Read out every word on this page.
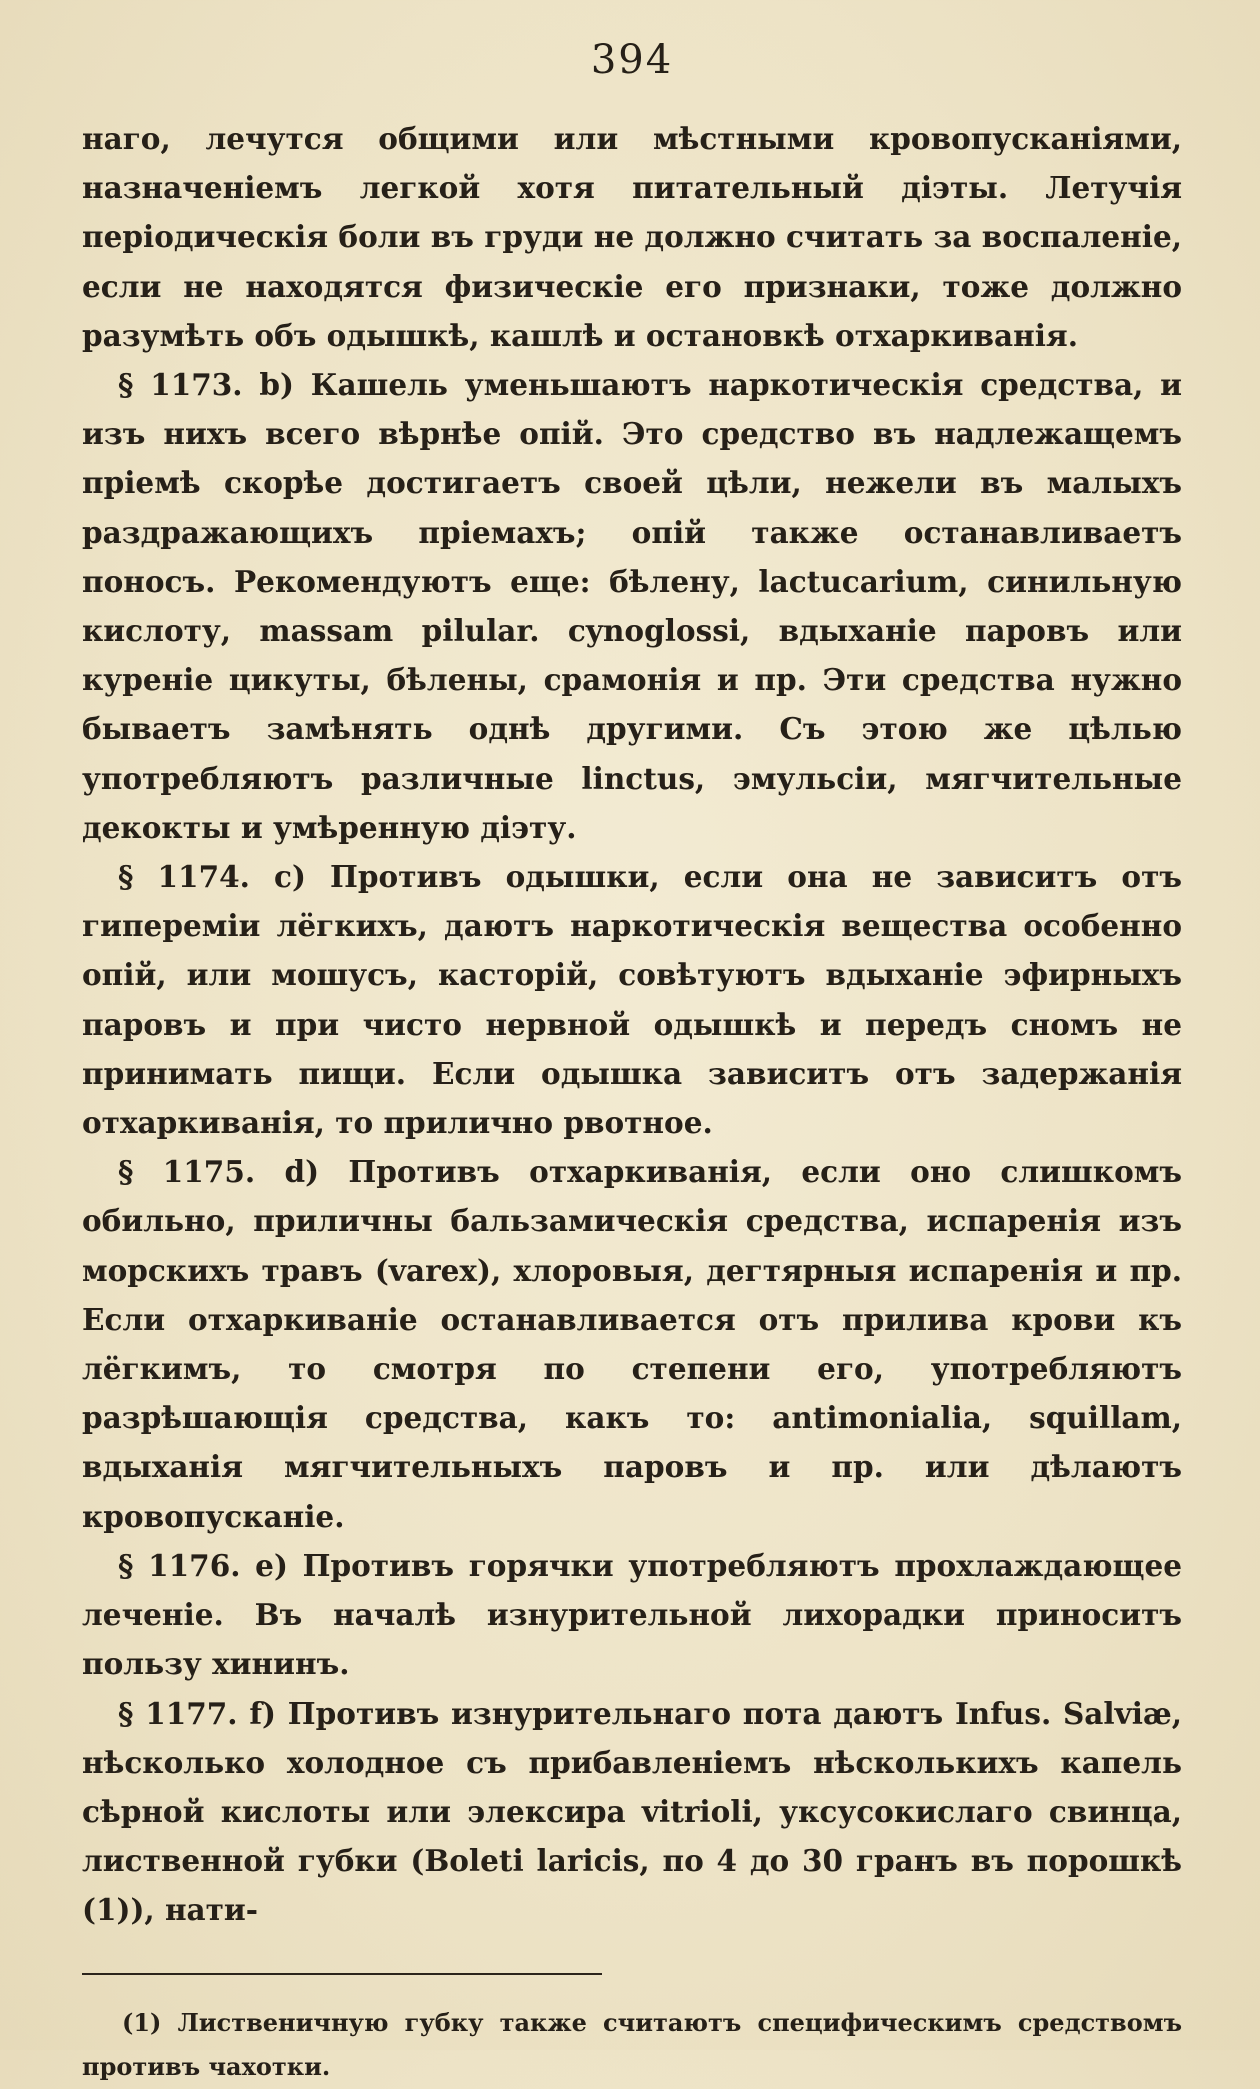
394

наго, лечутся общими или мѣстными кровопусканіями, назначеніемъ легкой хотя питательный діэты. Летучія періодическія боли въ груди не должно считать за воспаленіе, если не находятся физическіе его признаки, тоже должно разумѣть объ одышкѣ, кашлѣ и остановкѣ отхаркиванія.

§ 1173. b) Кашель уменьшаютъ наркотическія средства, и изъ нихъ всего вѣрнѣе опій. Это средство въ надлежащемъ пріемѣ скорѣе достигаетъ своей цѣли, нежели въ малыхъ раздражающихъ пріемахъ; опій также останавливаетъ поносъ. Рекомендуютъ еще: бѣлену, lactucarium, синильную кислоту, massam pilular. cynoglossi, вдыханіе паровъ или куреніе цикуты, бѣлены, срамонія и пр. Эти средства нужно бываетъ замѣнять однѣ другими. Съ этою же цѣлью употребляютъ различные linctus, эмульсіи, мягчительные декокты и умѣренную діэту.

§ 1174. c) Противъ одышки, если она не зависитъ отъ гипереміи лёгкихъ, даютъ наркотическія вещества особенно опій, или мошусъ, касторій, совѣтуютъ вдыханіе эфирныхъ паровъ и при чисто нервной одышкѣ и передъ сномъ не принимать пищи. Если одышка зависитъ отъ задержанія отхаркиванія, то прилично рвотное.

§ 1175. d) Противъ отхаркиванія, если оно слишкомъ обильно, приличны бальзамическія средства, испаренія изъ морскихъ травъ (varex), хлоровыя, дегтярныя испаренія и пр. Если отхаркиваніе останавливается отъ прилива крови къ лёгкимъ, то смотря по степени его, употребляютъ разрѣшающія средства, какъ то: antimonialia, squillam, вдыханія мягчительныхъ паровъ и пр. или дѣлаютъ кровопусканіе.

§ 1176. e) Противъ горячки употребляютъ прохлаждающее леченіе. Въ началѣ изнурительной лихорадки приноситъ пользу хининъ.

§ 1177. f) Противъ изнурительнаго пота даютъ Infus. Salviæ, нѣсколько холодное съ прибавленіемъ нѣсколькихъ капель сѣрной кислоты или элексира vitrioli, уксусокислаго свинца, лиственной губки (Boleti laricis, по 4 до 30 гранъ въ порошкѣ (1)), нати-

(1) Лиственичную губку также считаютъ специфическимъ средствомъ противъ чахотки.
